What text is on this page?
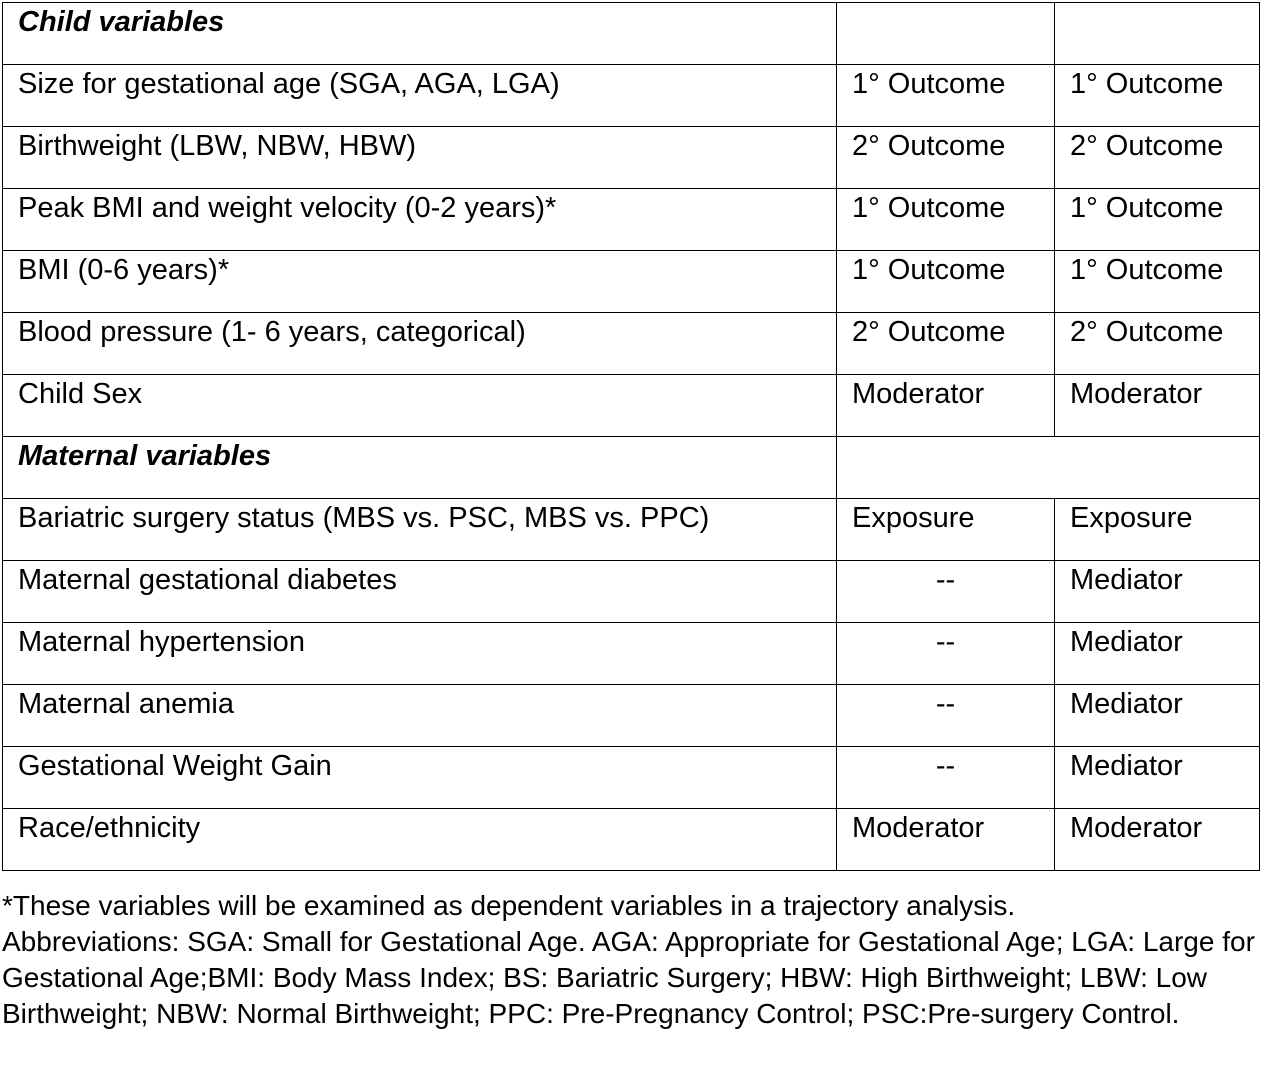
Child variables		

Size for gestational age (SGA, AGA, LGA)	1° Outcome	1° Outcome

Birthweight (LBW, NBW, HBW)	2° Outcome	2° Outcome

Peak BMI and weight velocity (0-2 years)*	1° Outcome	1° Outcome

BMI (0-6 years)*	1° Outcome	1° Outcome

Blood pressure (1- 6 years, categorical)	2° Outcome	2° Outcome

Child Sex	Moderator	Moderator

Maternal variables		

Bariatric surgery status (MBS vs. PSC, MBS vs. PPC)	Exposure	Exposure

Maternal gestational diabetes	--	Mediator

Maternal hypertension	--	Mediator

Maternal anemia	--	Mediator

Gestational Weight Gain	--	Mediator

Race/ethnicity	Moderator	Moderator

*These variables will be examined as dependent variables in a trajectory analysis.

Abbreviations: SGA: Small for Gestational Age. AGA: Appropriate for Gestational Age; LGA: Large for Gestational Age;BMI: Body Mass Index; BS: Bariatric Surgery; HBW: High Birthweight; LBW: Low Birthweight; NBW: Normal Birthweight; PPC: Pre-Pregnancy Control; PSC:Pre-surgery Control.
